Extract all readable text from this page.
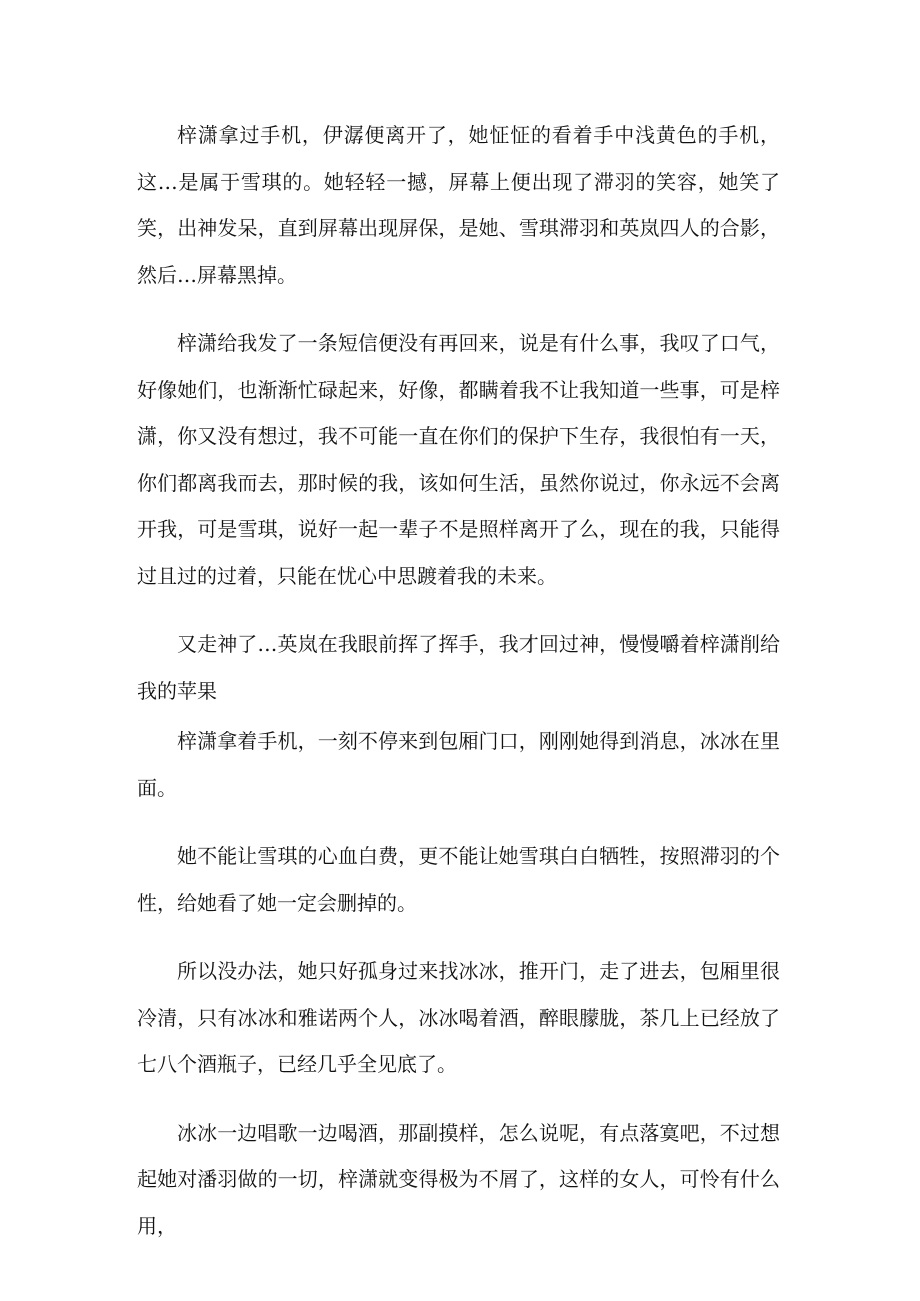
梓潇拿过手机，伊潺便离开了，她怔怔的看着手中浅黄色的手机，这…是属于雪琪的。她轻轻一撼，屏幕上便出现了滞羽的笑容，她笑了笑，出神发呆，直到屏幕出现屏保，是她、雪琪滞羽和英岚四人的合影，然后…屏幕黑掉。

梓潇给我发了一条短信便没有再回来，说是有什么事，我叹了口气，好像她们，也渐渐忙碌起来，好像，都瞒着我不让我知道一些事，可是梓潇，你又没有想过，我不可能一直在你们的保护下生存，我很怕有一天，你们都离我而去，那时候的我，该如何生活，虽然你说过，你永远不会离开我，可是雪琪，说好一起一辈子不是照样离开了么，现在的我，只能得过且过的过着，只能在忧心中思踱着我的未来。

又走神了…英岚在我眼前挥了挥手，我才回过神，慢慢嚼着梓潇削给我的苹果

梓潇拿着手机，一刻不停来到包厢门口，刚刚她得到消息，冰冰在里面。

她不能让雪琪的心血白费，更不能让她雪琪白白牺牲，按照滞羽的个性，给她看了她一定会删掉的。

所以没办法，她只好孤身过来找冰冰，推开门，走了进去，包厢里很冷清，只有冰冰和雅诺两个人，冰冰喝着酒，醉眼朦胧，茶几上已经放了七八个酒瓶子，已经几乎全见底了。

冰冰一边唱歌一边喝酒，那副摸样，怎么说呢，有点落寞吧，不过想起她对潘羽做的一切，梓潇就变得极为不屑了，这样的女人，可怜有什么用，
